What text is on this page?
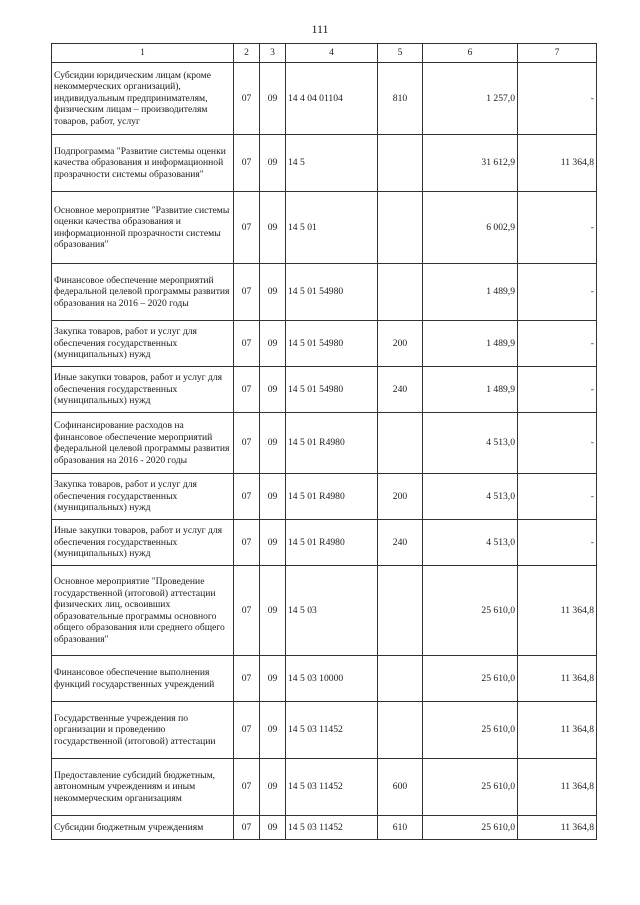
111
1	2	3	4	5	6	7
Субсидии юридическим лицам (кроме некоммерческих организаций), индивидуальным предпринимателям, физическим лицам – производителям товаров, работ, услуг	07	09	14 4 04 01104	810	1 257,0	-
Подпрограмма "Развитие системы оценки качества образования и информационной прозрачности системы образования"	07	09	14 5		31 612,9	11 364,8
Основное мероприятие "Развитие системы оценки качества образования и информационной прозрачности системы образования"	07	09	14 5 01		6 002,9	-
Финансовое обеспечение мероприятий федеральной целевой программы развития образования на 2016 – 2020 годы	07	09	14 5 01 54980		1 489,9	-
Закупка товаров, работ и услуг для обеспечения государственных (муниципальных) нужд	07	09	14 5 01 54980	200	1 489,9	-
Иные закупки товаров, работ и услуг для обеспечения государственных (муниципальных) нужд	07	09	14 5 01 54980	240	1 489,9	-
Софинансирование расходов на финансовое обеспечение мероприятий федеральной целевой программы развития образования на 2016 - 2020 годы	07	09	14 5 01 R4980		4 513,0	-
Закупка товаров, работ и услуг для обеспечения государственных (муниципальных) нужд	07	09	14 5 01 R4980	200	4 513,0	-
Иные закупки товаров, работ и услуг для обеспечения государственных (муниципальных) нужд	07	09	14 5 01 R4980	240	4 513,0	-
Основное мероприятие "Проведение государственной (итоговой) аттестации физических лиц, освоивших образовательные программы основного общего образования или среднего общего образования"	07	09	14 5 03		25 610,0	11 364,8
Финансовое обеспечение выполнения функций государственных учреждений	07	09	14 5 03 10000		25 610,0	11 364,8
Государственные учреждения по организации и проведению государственной (итоговой) аттестации	07	09	14 5 03 11452		25 610,0	11 364,8
Предоставление субсидий бюджетным, автономным учреждениям и иным некоммерческим организациям	07	09	14 5 03 11452	600	25 610,0	11 364,8
Субсидии бюджетным учреждениям	07	09	14 5 03 11452	610	25 610,0	11 364,8
